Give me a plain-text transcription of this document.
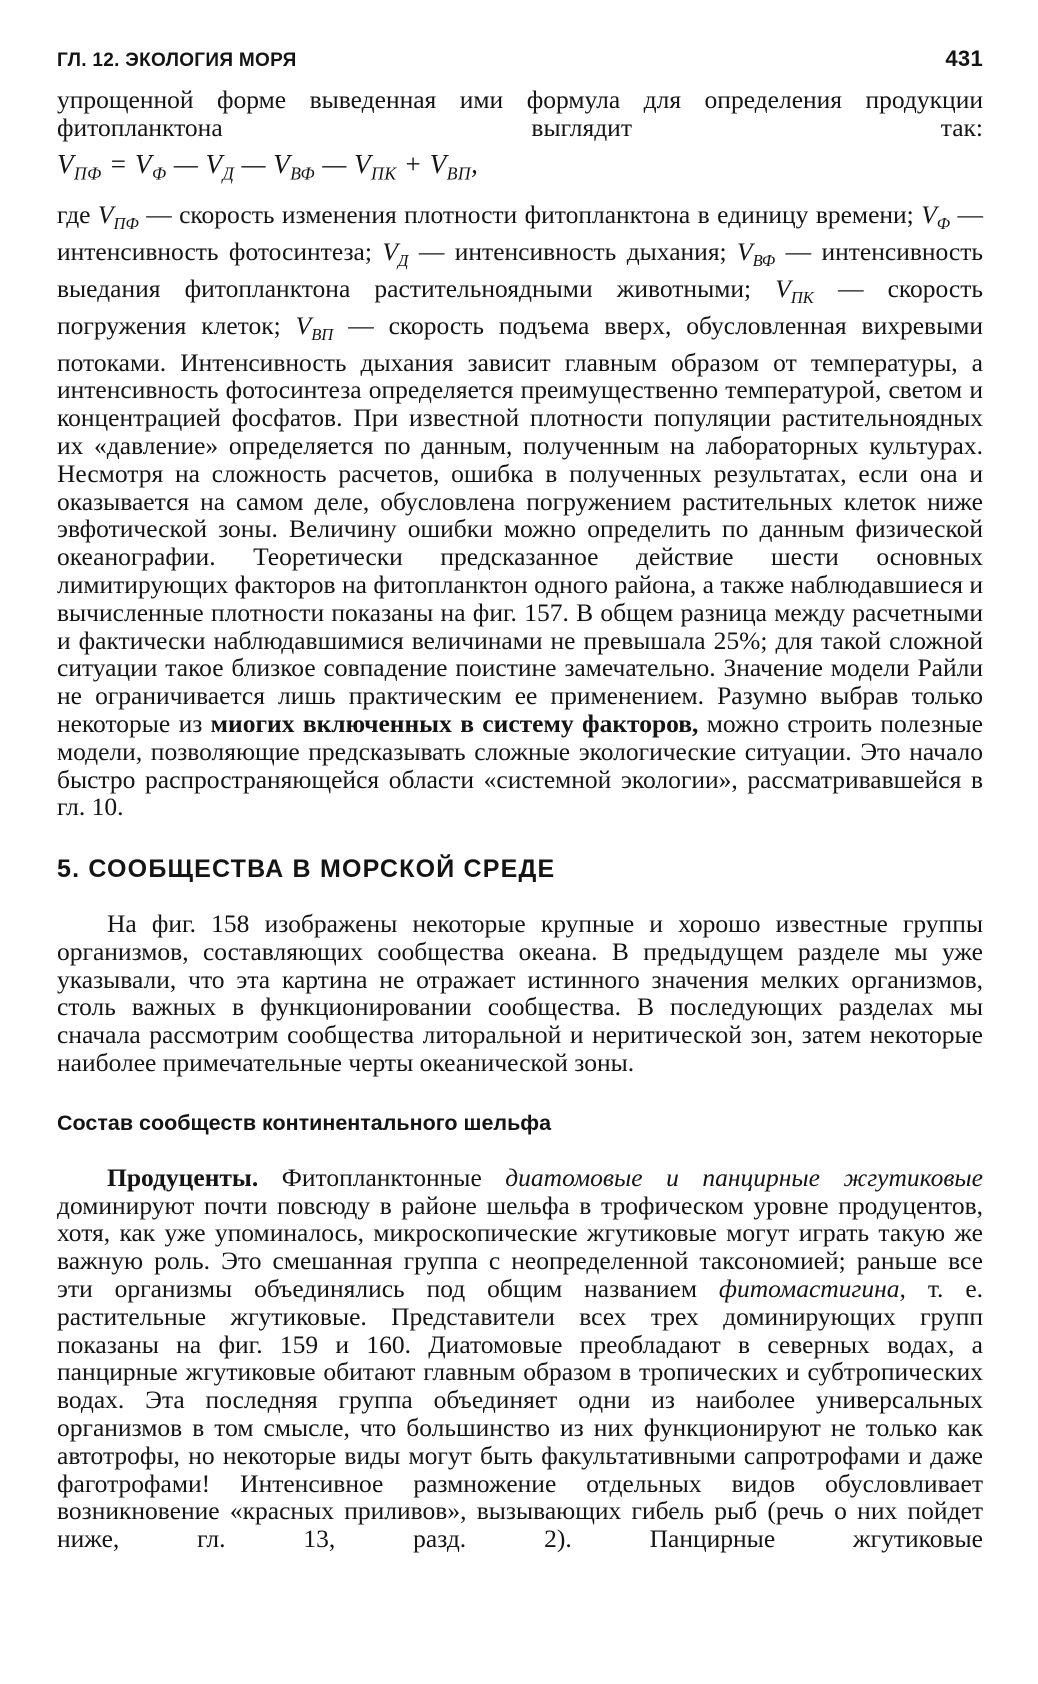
ГЛ. 12. ЭКОЛОГИЯ МОРЯ	431

упрощенной форме выведенная ими формула для определения продукции фитопланктона выглядит так:

$V_{ПФ} = V_Ф$ — $V_Д$ — $V_{ВФ}$ — $V_{ПК} + V_{ВП}$,

где $V_{ПФ}$ — скорость изменения плотности фитопланктона в единицу времени; $V_Ф$ — интенсивность фотосинтеза; $V_Д$ — интенсивность дыхания; $V_{ВФ}$ — интенсивность выедания фитопланктона растительноядными животными; $V_{ПК}$ — скорость погружения клеток; $V_{ВП}$ — скорость подъема вверх, обусловленная вихревыми потоками. Интенсивность дыхания зависит главным образом от температуры, а интенсивность фотосинтеза определяется преимущественно температурой, светом и концентрацией фосфатов. При известной плотности популяции растительноядных их «давление» определяется по данным, полученным на лабораторных культурах. Несмотря на сложность расчетов, ошибка в полученных результатах, если она и оказывается на самом деле, обусловлена погружением растительных клеток ниже эвфотической зоны. Величину ошибки можно определить по данным физической океанографии. Теоретически предсказанное действие шести основных лимитирующих факторов на фитопланктон одного района, а также наблюдавшиеся и вычисленные плотности показаны на фиг. 157. В общем разница между расчетными и фактически наблюдавшимися величинами не превышала 25%; для такой сложной ситуации такое близкое совпадение поистине замечательно. Значение модели Райли не ограничивается лишь практическим ее применением. Разумно выбрав только некоторые из миогих включенных в систему факторов, можно строить полезные модели, позволяющие предсказывать сложные экологические ситуации. Это начало быстро распространяющейся области «системной экологии», рассматривавшейся в гл. 10.

5. СООБЩЕСТВА В МОРСКОЙ СРЕДЕ

На фиг. 158 изображены некоторые крупные и хорошо известные группы организмов, составляющих сообщества океана. В предыдущем разделе мы уже указывали, что эта картина не отражает истинного значения мелких организмов, столь важных в функционировании сообщества. В последующих разделах мы сначала рассмотрим сообщества литоральной и неритической зон, затем некоторые наиболее примечательные черты океанической зоны.

Состав сообществ континентального шельфа

Продуценты. Фитопланктонные диатомовые и панцирные жгутиковые доминируют почти повсюду в районе шельфа в трофическом уровне продуцентов, хотя, как уже упоминалось, микроскопические жгутиковые могут играть такую же важную роль. Это смешанная группа с неопределенной таксономией; раньше все эти организмы объединялись под общим названием фитомастигина, т. е. растительные жгутиковые. Представители всех трех доминирующих групп показаны на фиг. 159 и 160. Диатомовые преобладают в северных водах, а панцирные жгутиковые обитают главным образом в тропических и субтропических водах. Эта последняя группа объединяет одни из наиболее универсальных организмов в том смысле, что большинство из них функционируют не только как автотрофы, но некоторые виды могут быть факультативными сапротрофами и даже фаготрофами! Интенсивное размножение отдельных видов обусловливает возникновение «красных приливов», вызывающих гибель рыб (речь о них пойдет ниже, гл. 13, разд. 2). Панцирные жгутиковые
